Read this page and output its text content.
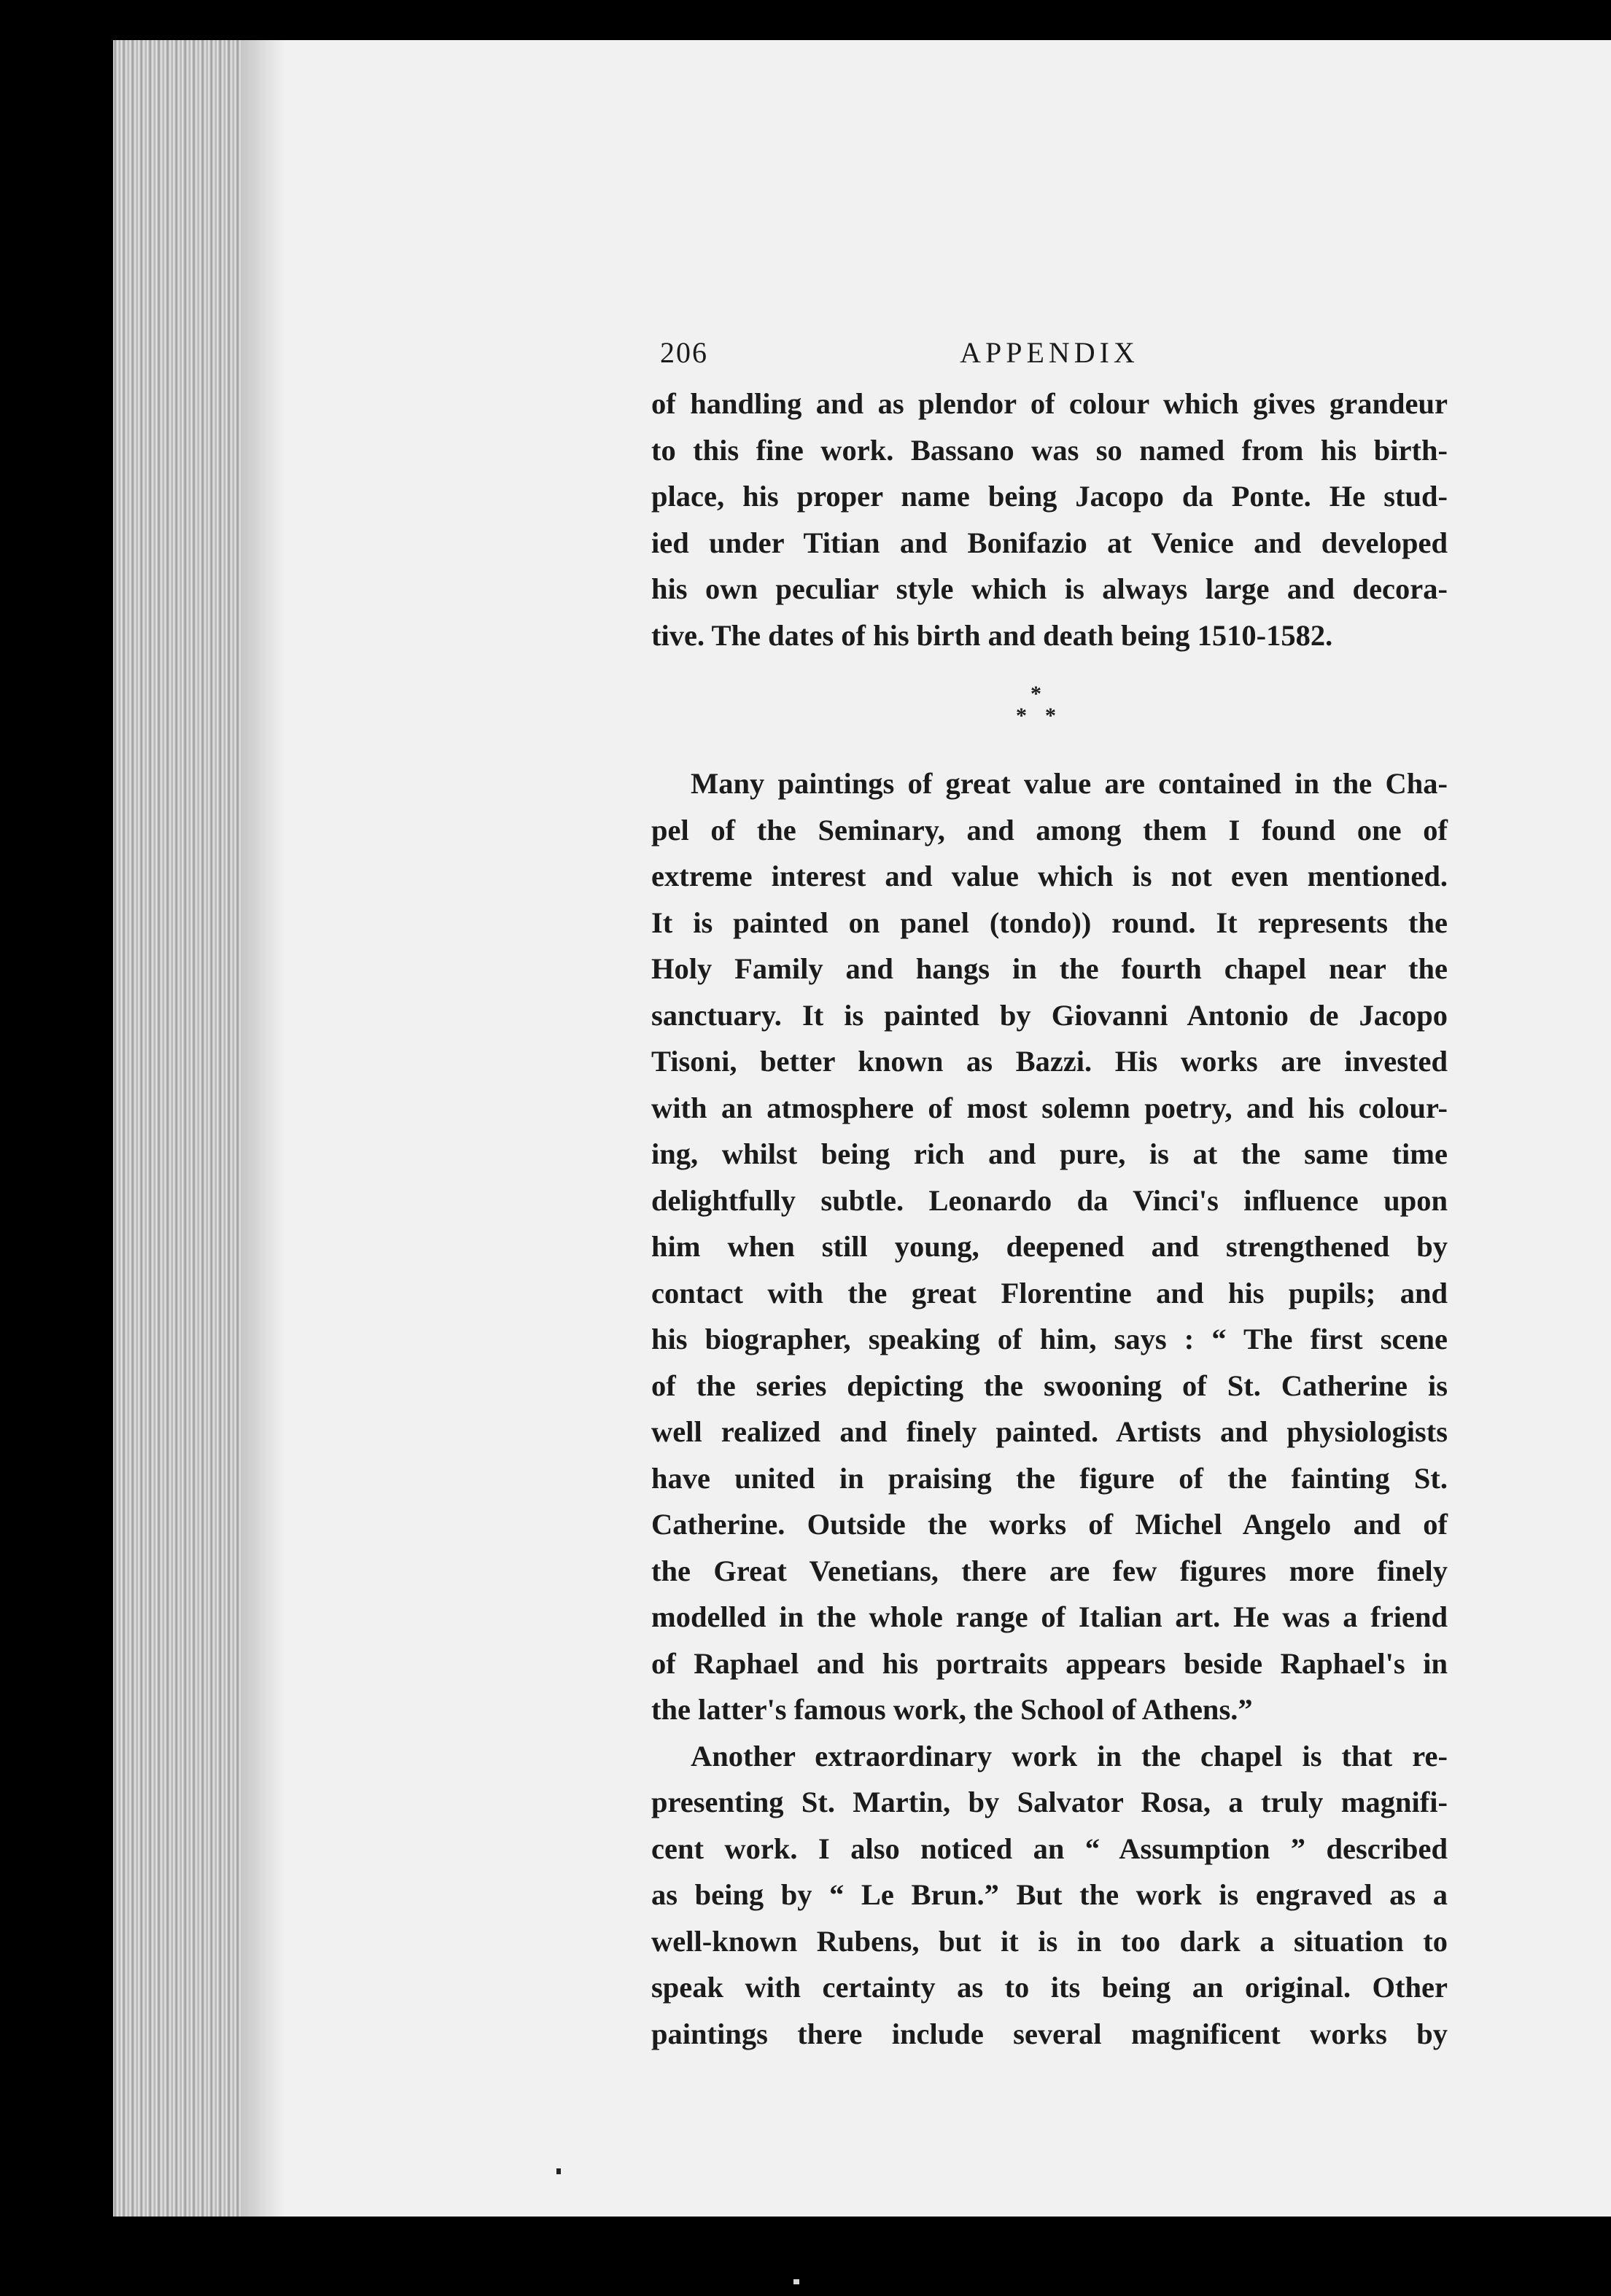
206	APPENDIX
of handling and as plendor of colour which gives grandeur
to this fine work. Bassano was so named from his birth-
place, his proper name being Jacopo da Ponte. He stud-
ied under Titian and Bonifazio at Venice and developed
his own peculiar style which is always large and decora-
tive. The dates of his birth and death being 1510-1582.
*
* *
Many paintings of great value are contained in the Cha-
pel of the Seminary, and among them I found one of
extreme interest and value which is not even mentioned.
It is painted on panel (tondo)) round. It represents the
Holy Family and hangs in the fourth chapel near the
sanctuary. It is painted by Giovanni Antonio de Jacopo
Tisoni, better known as Bazzi. His works are invested
with an atmosphere of most solemn poetry, and his colour-
ing, whilst being rich and pure, is at the same time
delightfully subtle. Leonardo da Vinci's influence upon
him when still young, deepened and strengthened by
contact with the great Florentine and his pupils; and
his biographer, speaking of him, says : “ The first scene
of the series depicting the swooning of St. Catherine is
well realized and finely painted. Artists and physiologists
have united in praising the figure of the fainting St.
Catherine. Outside the works of Michel Angelo and of
the Great Venetians, there are few figures more finely
modelled in the whole range of Italian art. He was a friend
of Raphael and his portraits appears beside Raphael's in
the latter's famous work, the School of Athens.”
Another extraordinary work in the chapel is that re-
presenting St. Martin, by Salvator Rosa, a truly magnifi-
cent work. I also noticed an “ Assumption ” described
as being by “ Le Brun.” But the work is engraved as a
well-known Rubens, but it is in too dark a situation to
speak with certainty as to its being an original. Other
paintings there include several magnificent works by
